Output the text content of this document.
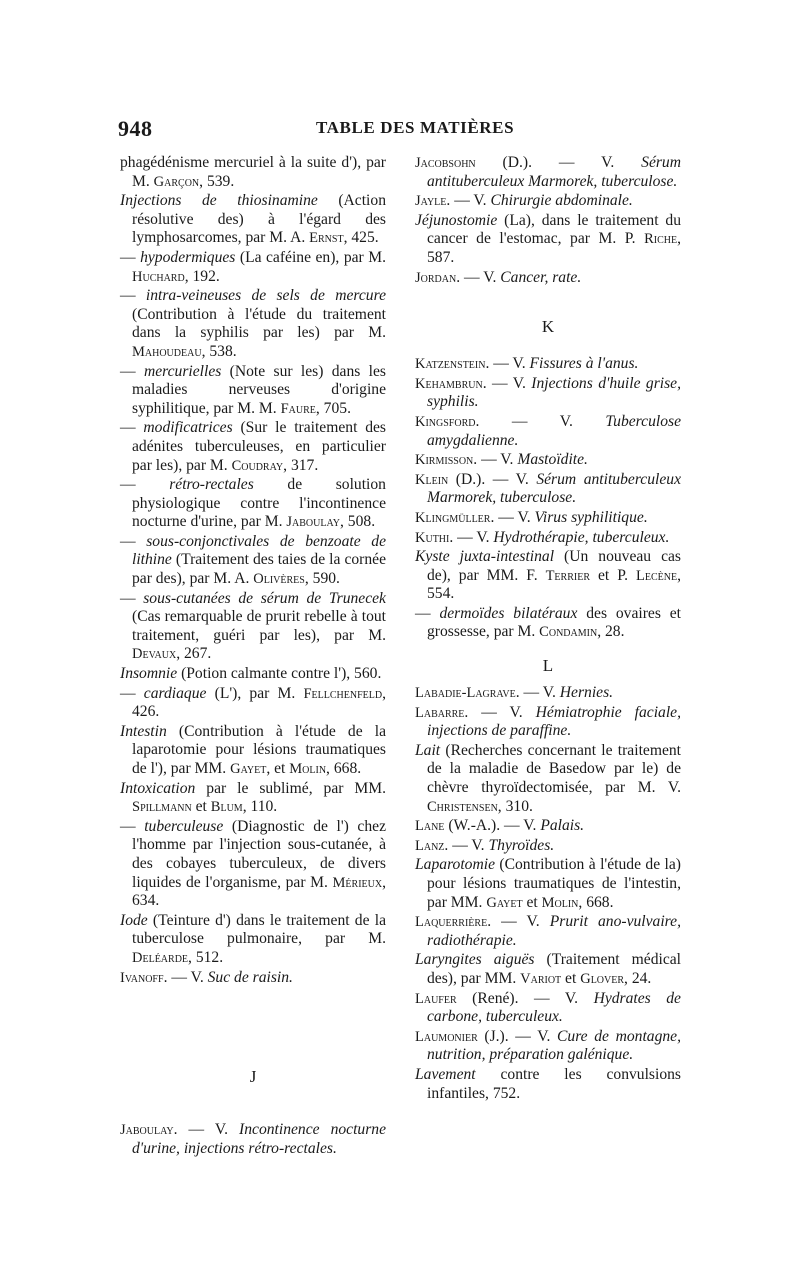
948	TABLE DES MATIÈRES

phagédénisme mercuriel à la suite d'), par M. Garçon, 539.

Injections de thiosinamine (Action résolutive des) à l'égard des lymphosarcomes, par M. A. Ernst, 425.

— hypodermiques (La caféine en), par M. Huchard, 192.

— intra-veineuses de sels de mercure (Contribution à l'étude du traitement dans la syphilis par les) par M. Mahoudeau, 538.

— mercurielles (Note sur les) dans les maladies nerveuses d'origine syphilitique, par M. M. Faure, 705.

— modificatrices (Sur le traitement des adénites tuberculeuses, en particulier par les), par M. Coudray, 317.

— rétro-rectales de solution physiologique contre l'incontinence nocturne d'urine, par M. Jaboulay, 508.

— sous-conjonctivales de benzoate de lithine (Traitement des taies de la cornée par des), par M. A. Olivères, 590.

— sous-cutanées de sérum de Trunecek (Cas remarquable de prurit rebelle à tout traitement, guéri par les), par M. Devaux, 267.

Insomnie (Potion calmante contre l'), 560.

— cardiaque (L'), par M. Fellchenfeld, 426.

Intestin (Contribution à l'étude de la laparotomie pour lésions traumatiques de l'), par MM. Gayet, et Molin, 668.

Intoxication par le sublimé, par MM. Spillmann et Blum, 110.

— tuberculeuse (Diagnostic de l') chez l'homme par l'injection sous-cutanée, à des cobayes tuberculeux, de divers liquides de l'organisme, par M. Mérieux, 634.

Iode (Teinture d') dans le traitement de la tuberculose pulmonaire, par M. Deléarde, 512.

Ivanoff. — V. Suc de raisin.

J

Jaboulay. — V. Incontinence nocturne d'urine, injections rétro-rectales.

Jacobsohn (D.). — V. Sérum antituberculeux Marmorek, tuberculose.

Jayle. — V. Chirurgie abdominale.

Jéjunostomie (La), dans le traitement du cancer de l'estomac, par M. P. Riche, 587.

Jordan. — V. Cancer, rate.

K

Katzenstein. — V. Fissures à l'anus.

Kehambrun. — V. Injections d'huile grise, syphilis.

Kingsford. — V. Tuberculose amygdalienne.

Kirmisson. — V. Mastoïdite.

Klein (D.). — V. Sérum antituberculeux Marmorek, tuberculose.

Klingmüller. — V. Virus syphilitique.

Kuthi. — V. Hydrothérapie, tuberculeux.

Kyste juxta-intestinal (Un nouveau cas de), par MM. F. Terrier et P. Lecène, 554.

— dermoïdes bilatéraux des ovaires et grossesse, par M. Condamin, 28.

L

Labadie-Lagrave. — V. Hernies.

Labarre. — V. Hémiatrophie faciale, injections de paraffine.

Lait (Recherches concernant le traitement de la maladie de Basedow par le) de chèvre thyroïdectomisée, par M. V. Christensen, 310.

Lane (W.-A.). — V. Palais.

Lanz. — V. Thyroïdes.

Laparotomie (Contribution à l'étude de la) pour lésions traumatiques de l'intestin, par MM. Gayet et Molin, 668.

Laquerrière. — V. Prurit ano-vulvaire, radiothérapie.

Laryngites aiguës (Traitement médical des), par MM. Variot et Glover, 24.

Laufer (René). — V. Hydrates de carbone, tuberculeux.

Laumonier (J.). — V. Cure de montagne, nutrition, préparation galénique.

Lavement contre les convulsions infantiles, 752.
